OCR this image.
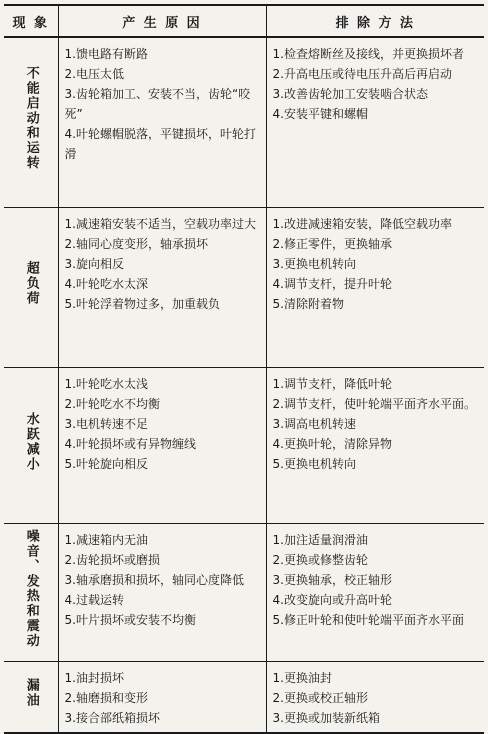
现 象	产 生 原 因	排 除 方 法
不能启动和运转	1.馈电路有断路
2.电压太低
3.齿轮箱加工、安装不当，齿轮“咬死”
4.叶轮螺帽脱落，平键损坏，叶轮打滑	1.检查熔断丝及接线，并更换损坏者
2.升高电压或待电压升高后再启动
3.改善齿轮加工安装啮合状态
4.安装平键和螺帽

超负荷	1.减速箱安装不适当，空载功率过大
2.轴同心度变形，轴承损坏
3.旋向相反
4.叶轮吃水太深
5.叶轮浮着物过多，加重载负	1.改进减速箱安装，降低空载功率
2.修正零件，更换轴承
3.更换电机转向
4.调节支杆，提升叶轮
5.清除附着物

水跃减小	1.叶轮吃水太浅
2.叶轮吃水不均衡
3.电机转速不足
4.叶轮损坏或有异物缠线
5.叶轮旋向相反	1.调节支杆，降低叶轮
2.调节支杆，使叶轮端平面齐水平面。
3.调高电机转速
4.更换叶轮，清除异物
5.更换电机转向

噪音、发热和震动	1.减速箱内无油
2.齿轮损坏或磨损
3.轴承磨损和损坏，轴同心度降低
4.过载运转
5.叶片损坏或安装不均衡	1.加注适量润滑油
2.更换或修整齿轮
3.更换轴承，校正轴形
4.改变旋向或升高叶轮
5.修正叶轮和使叶轮端平面齐水平面

漏油	1.油封损坏
2.轴磨损和变形
3.接合部纸箱损坏	1.更换油封
2.更换或校正轴形
3.更换或加装新纸箱
